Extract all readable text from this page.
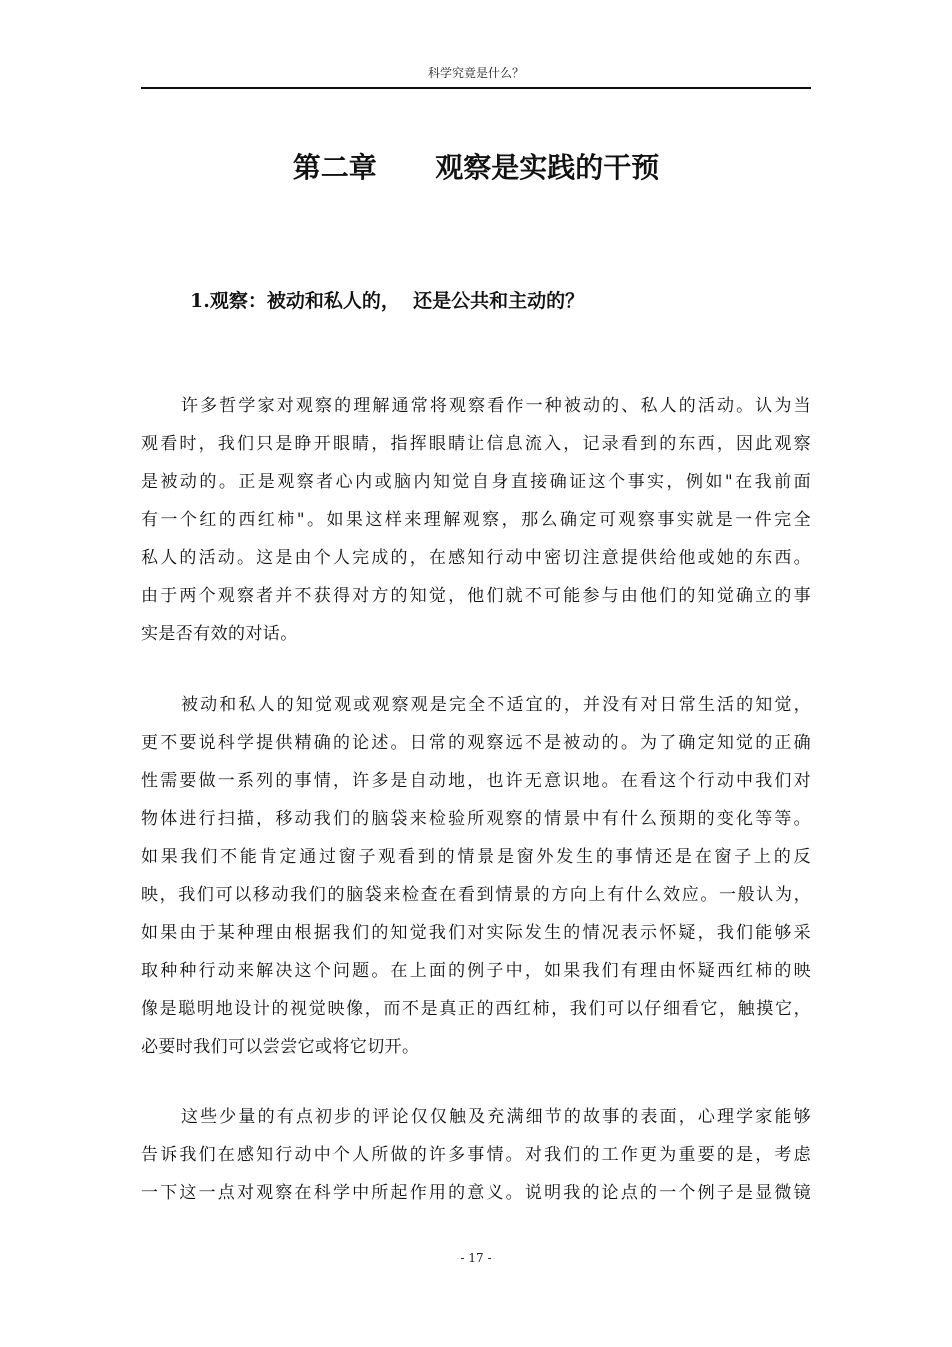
科学究竟是什么？
第二章      观察是实践的干预
1.观察：被动和私人的，  还是公共和主动的？

许多哲学家对观察的理解通常将观察看作一种被动的、私人的活动。认为当
观看时，我们只是睁开眼睛，指挥眼睛让信息流入，记录看到的东西，因此观察
是被动的。正是观察者心内或脑内知觉自身直接确证这个事实，例如"在我前面
有一个红的西红柿"。如果这样来理解观察，那么确定可观察事实就是一件完全
私人的活动。这是由个人完成的，在感知行动中密切注意提供给他或她的东西。
由于两个观察者并不获得对方的知觉，他们就不可能参与由他们的知觉确立的事
实是否有效的对话。

被动和私人的知觉观或观察观是完全不适宜的，并没有对日常生活的知觉，
更不要说科学提供精确的论述。日常的观察远不是被动的。为了确定知觉的正确
性需要做一系列的事情，许多是自动地，也许无意识地。在看这个行动中我们对
物体进行扫描，移动我们的脑袋来检验所观察的情景中有什么预期的变化等等。
如果我们不能肯定通过窗子观看到的情景是窗外发生的事情还是在窗子上的反
映，我们可以移动我们的脑袋来检查在看到情景的方向上有什么效应。一般认为，
如果由于某种理由根据我们的知觉我们对实际发生的情况表示怀疑，我们能够采
取种种行动来解决这个问题。在上面的例子中，如果我们有理由怀疑西红柿的映
像是聪明地设计的视觉映像，而不是真正的西红柿，我们可以仔细看它，触摸它，
必要时我们可以尝尝它或将它切开。

这些少量的有点初步的评论仅仅触及充满细节的故事的表面，心理学家能够
告诉我们在感知行动中个人所做的许多事情。对我们的工作更为重要的是，考虑
一下这一点对观察在科学中所起作用的意义。说明我的论点的一个例子是显微镜

- 17 -
